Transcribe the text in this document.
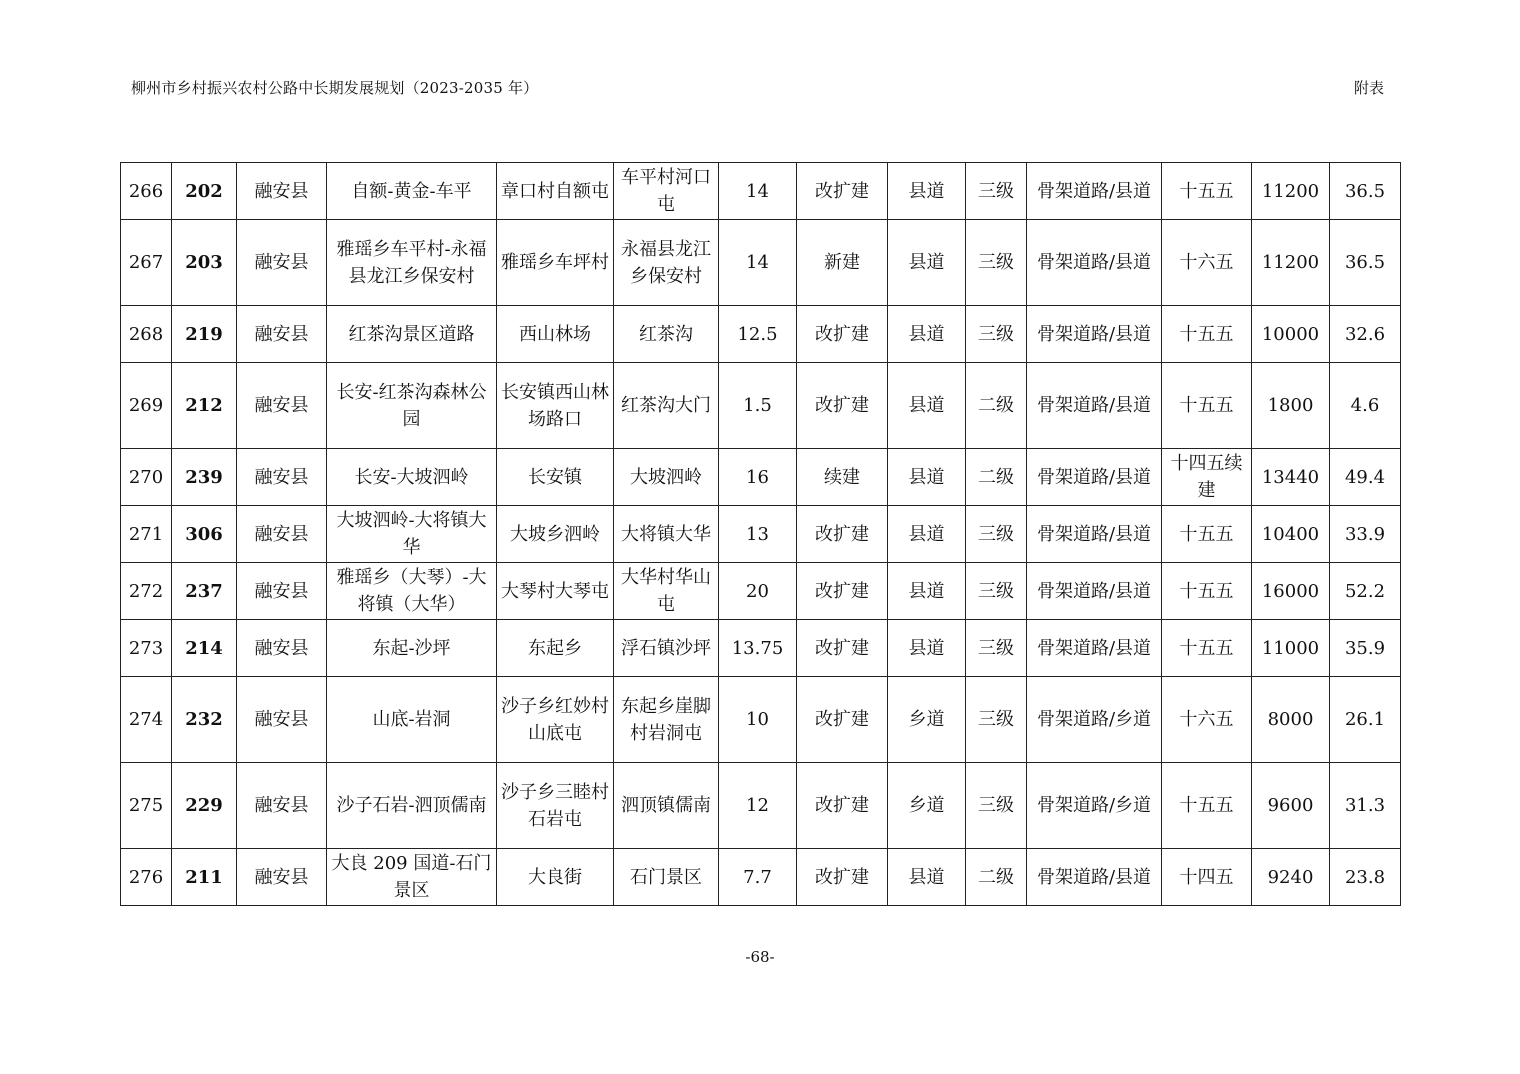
柳州市乡村振兴农村公路中长期发展规划（2023-2035 年）	附表
266	202	融安县	自额-黄金-车平	章口村自额屯	车平村河口屯	14	改扩建	县道	三级	骨架道路/县道	十五五	11200	36.5
267	203	融安县	雅瑶乡车平村-永福县龙江乡保安村	雅瑶乡车坪村	永福县龙江乡保安村	14	新建	县道	三级	骨架道路/县道	十六五	11200	36.5
268	219	融安县	红茶沟景区道路	西山林场	红茶沟	12.5	改扩建	县道	三级	骨架道路/县道	十五五	10000	32.6
269	212	融安县	长安-红茶沟森林公园	长安镇西山林场路口	红茶沟大门	1.5	改扩建	县道	二级	骨架道路/县道	十五五	1800	4.6
270	239	融安县	长安-大坡泗岭	长安镇	大坡泗岭	16	续建	县道	二级	骨架道路/县道	十四五续建	13440	49.4
271	306	融安县	大坡泗岭-大将镇大华	大坡乡泗岭	大将镇大华	13	改扩建	县道	三级	骨架道路/县道	十五五	10400	33.9
272	237	融安县	雅瑶乡（大琴）-大将镇（大华）	大琴村大琴屯	大华村华山屯	20	改扩建	县道	三级	骨架道路/县道	十五五	16000	52.2
273	214	融安县	东起-沙坪	东起乡	浮石镇沙坪	13.75	改扩建	县道	三级	骨架道路/县道	十五五	11000	35.9
274	232	融安县	山底-岩洞	沙子乡红妙村山底屯	东起乡崖脚村岩洞屯	10	改扩建	乡道	三级	骨架道路/乡道	十六五	8000	26.1
275	229	融安县	沙子石岩-泗顶儒南	沙子乡三睦村石岩屯	泗顶镇儒南	12	改扩建	乡道	三级	骨架道路/乡道	十五五	9600	31.3
276	211	融安县	大良 209 国道-石门景区	大良街	石门景区	7.7	改扩建	县道	二级	骨架道路/县道	十四五	9240	23.8
-68-
